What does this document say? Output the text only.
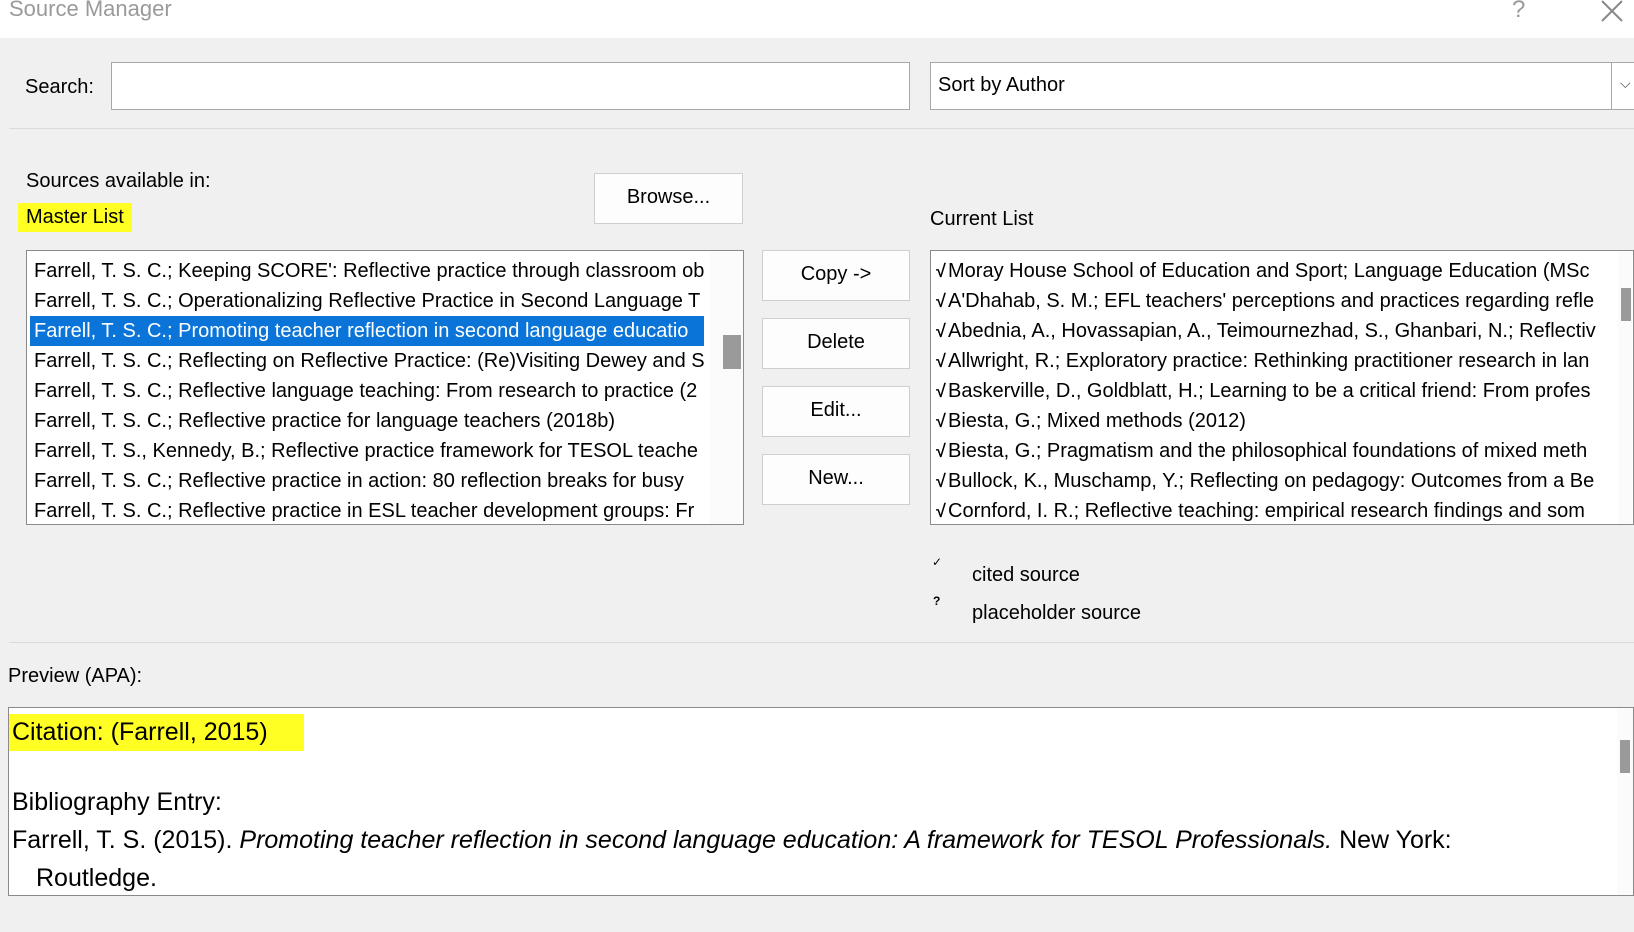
Source Manager	?
Search:	Sort by Author	⌵
Sources available in:
Master List
Browse...
Current List
Farrell, T. S. C.; Keeping SCORE': Reflective practice through classroom ob
Farrell, T. S. C.; Operationalizing Reflective Practice in Second Language T
Farrell, T. S. C.; Promoting teacher reflection in second language educatio
Farrell, T. S. C.; Reflecting on Reflective Practice: (Re)Visiting Dewey and S
Farrell, T. S. C.; Reflective language teaching: From research to practice (2
Farrell, T. S. C.; Reflective practice for language teachers (2018b)
Farrell, T. S., Kennedy, B.; Reflective practice framework for TESOL teache
Farrell, T. S. C.; Reflective practice in action: 80 reflection breaks for busy
Farrell, T. S. C.; Reflective practice in ESL teacher development groups: Fr
Copy ->
Delete
Edit...
New...
√ Moray House School of Education and Sport; Language Education (MSc
√ A'Dhahab, S. M.; EFL teachers' perceptions and practices regarding refle
√ Abednia, A., Hovassapian, A., Teimournezhad, S., Ghanbari, N.; Reflectiv
√ Allwright, R.; Exploratory practice: Rethinking practitioner research in lan
√ Baskerville, D., Goldblatt, H.; Learning to be a critical friend: From profes
√ Biesta, G.; Mixed methods (2012)
√ Biesta, G.; Pragmatism and the philosophical foundations of mixed meth
√ Bullock, K., Muschamp, Y.; Reflecting on pedagogy: Outcomes from a Be
√ Cornford, I. R.; Reflective teaching: empirical research findings and som
✓
cited source
?
placeholder source
Preview (APA):
Citation: (Farrell, 2015)
Bibliography Entry:
Farrell, T. S. (2015). Promoting teacher reflection in second language education: A framework for TESOL Professionals. New York:
Routledge.
